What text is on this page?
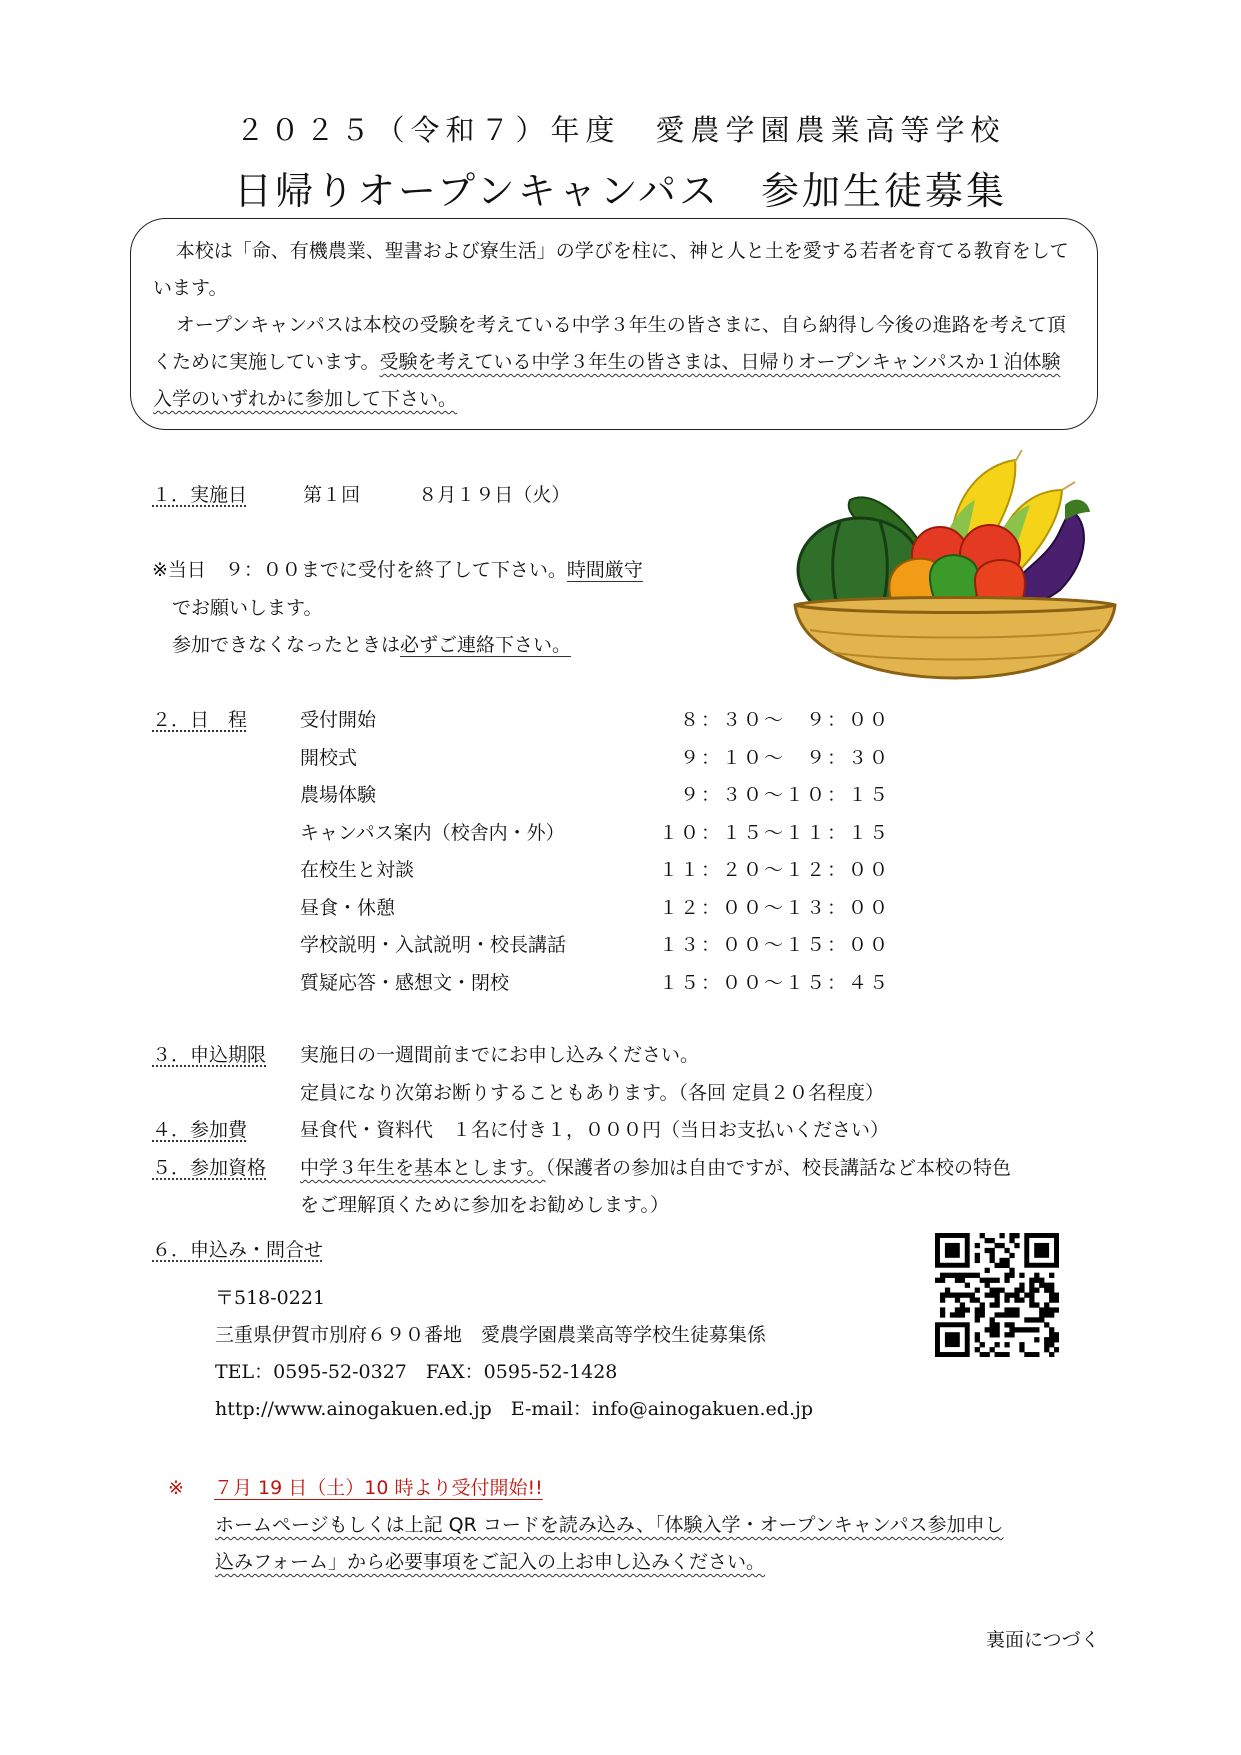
２０２５（令和７）年度　愛農学園農業高等学校
日帰りオープンキャンパス　参加生徒募集

本校は「命、有機農業、聖書および寮生活」の学びを柱に、神と人と土を愛する若者を育てる教育をしています。

オープンキャンパスは本校の受験を考えている中学３年生の皆さまに、自ら納得し今後の進路を考えて頂くために実施しています。受験を考えている中学３年生の皆さまは、日帰りオープンキャンパスか１泊体験入学のいずれかに参加して下さい。

１．実施日	第１回	８月１９日（火）
※当日　９：００までに受付を終了して下さい。時間厳守
でお願いします。
参加できなくなったときは必ずご連絡下さい。
２．日　程	受付開始	８：３０～　９：００
開校式	９：１０～　９：３０
農場体験	９：３０～１０：１５
キャンパス案内（校舎内・外）	１０：１５～１１：１５
在校生と対談	１１：２０～１２：００
昼食・休憩	１２：００～１３：００
学校説明・入試説明・校長講話	１３：００～１５：００
質疑応答・感想文・閉校	１５：００～１５：４５
３．申込期限 実施日の一週間前までにお申し込みください。
定員になり次第お断りすることもあります。（各回 定員２０名程度）
４．参加費	昼食代・資料代　１名に付き１，０００円（当日お支払いください）
５．参加資格 中学３年生を基本とします。（保護者の参加は自由ですが、校長講話など本校の特色
をご理解頂くために参加をお勧めします。）
６．申込み・問合せ
〒518-0221
三重県伊賀市別府６９０番地　愛農学園農業高等学校生徒募集係
TEL：0595-52-0327　FAX：0595-52-1428
http://www.ainogakuen.ed.jp　E-mail：info@ainogakuen.ed.jp
※ ７月 19 日（土）10 時より受付開始!!
ホームページもしくは上記 QR コードを読み込み、「体験入学・オープンキャンパス参加申し
込みフォーム」から必要事項をご記入の上お申し込みください。
裏面につづく
